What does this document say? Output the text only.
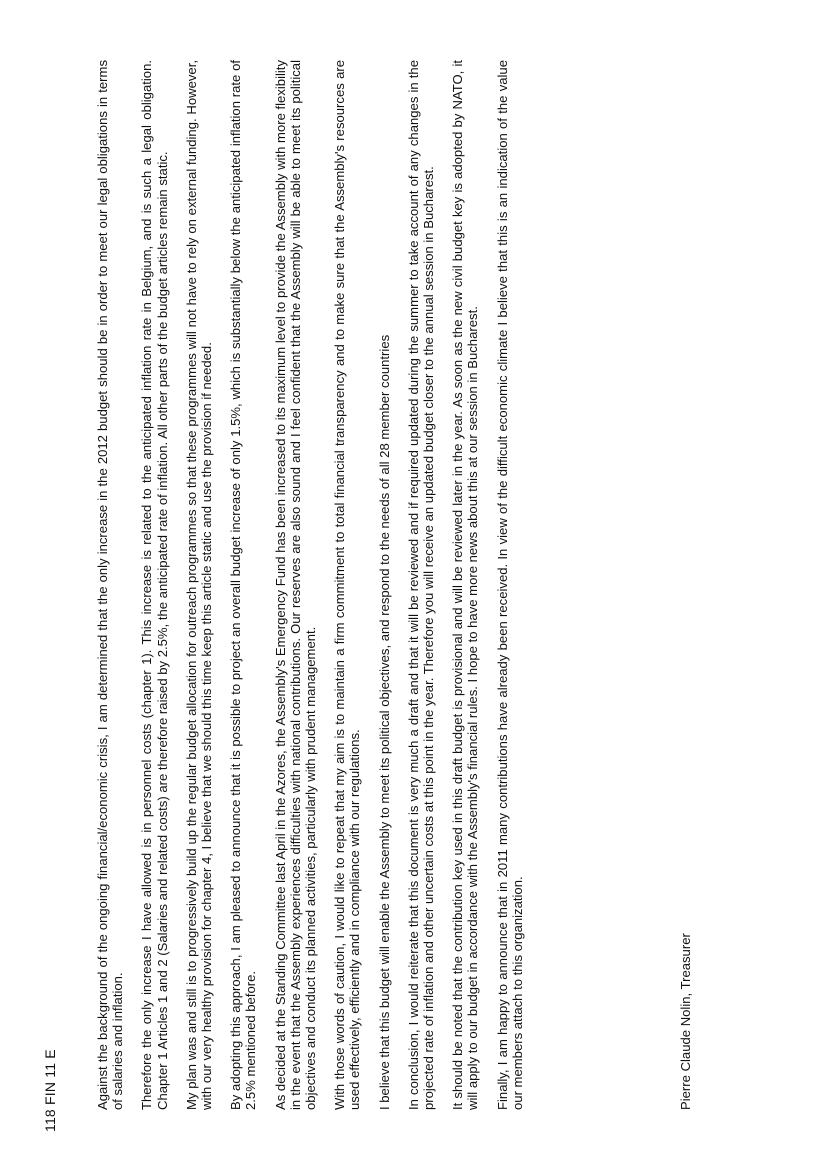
118 FIN 11 E	Against the background of the ongoing financial/economic crisis, I am determined that the only increase in the 2012 budget should be in order to meet our legal obligations in terms of salaries and inflation. Therefore the only increase I have allowed is in personnel costs (chapter 1). This increase is related to the anticipated inflation rate in Belgium, and is such a legal obligation. Chapter 1 Articles 1 and 2 (Salaries and related costs) are therefore raised by 2.5%, the anticipated rate of inflation. All other parts of the budget articles remain static. My plan was and still is to progressively build up the regular budget allocation for outreach programmes so that these programmes will not have to rely on external funding. However, with our very healthy provision for chapter 4, I believe that we should this time keep this article static and use the provision if needed. By adopting this approach, I am pleased to announce that it is possible to project an overall budget increase of only 1.5%, which is substantially below the anticipated inflation rate of 2.5% mentioned before. As decided at the Standing Committee last April in the Azores, the Assembly's Emergency Fund has been increased to its maximum level to provide the Assembly with more flexibility in the event that the Assembly experiences difficulties with national contributions. Our reserves are also sound and I feel confident that the Assembly will be able to meet its political objectives and conduct its planned activities, particularly with prudent management. With those words of caution, I would like to repeat that my aim is to maintain a firm commitment to total financial transparency and to make sure that the Assembly's resources are used effectively, efficiently and in compliance with our regulations. I believe that this budget will enable the Assembly to meet its political objectives, and respond to the needs of all 28 member countries In conclusion, I would reiterate that this document is very much a draft and that it will be reviewed and if required updated during the summer to take account of any changes in the projected rate of inflation and other uncertain costs at this point in the year. Therefore you will receive an updated budget closer to the annual session in Bucharest. It should be noted that the contribution key used in this draft budget is provisional and will be reviewed later in the year. As soon as the new civil budget key is adopted by NATO, it will apply to our budget in accordance with the Assembly's financial rules. I hope to have more news about this at our session in Bucharest. Finally, I am happy to announce that in 2011 many contributions have already been received. In view of the difficult economic climate I believe that this is an indication of the value our members attach to this organization.	Pierre Claude Nolin, Treasurer
